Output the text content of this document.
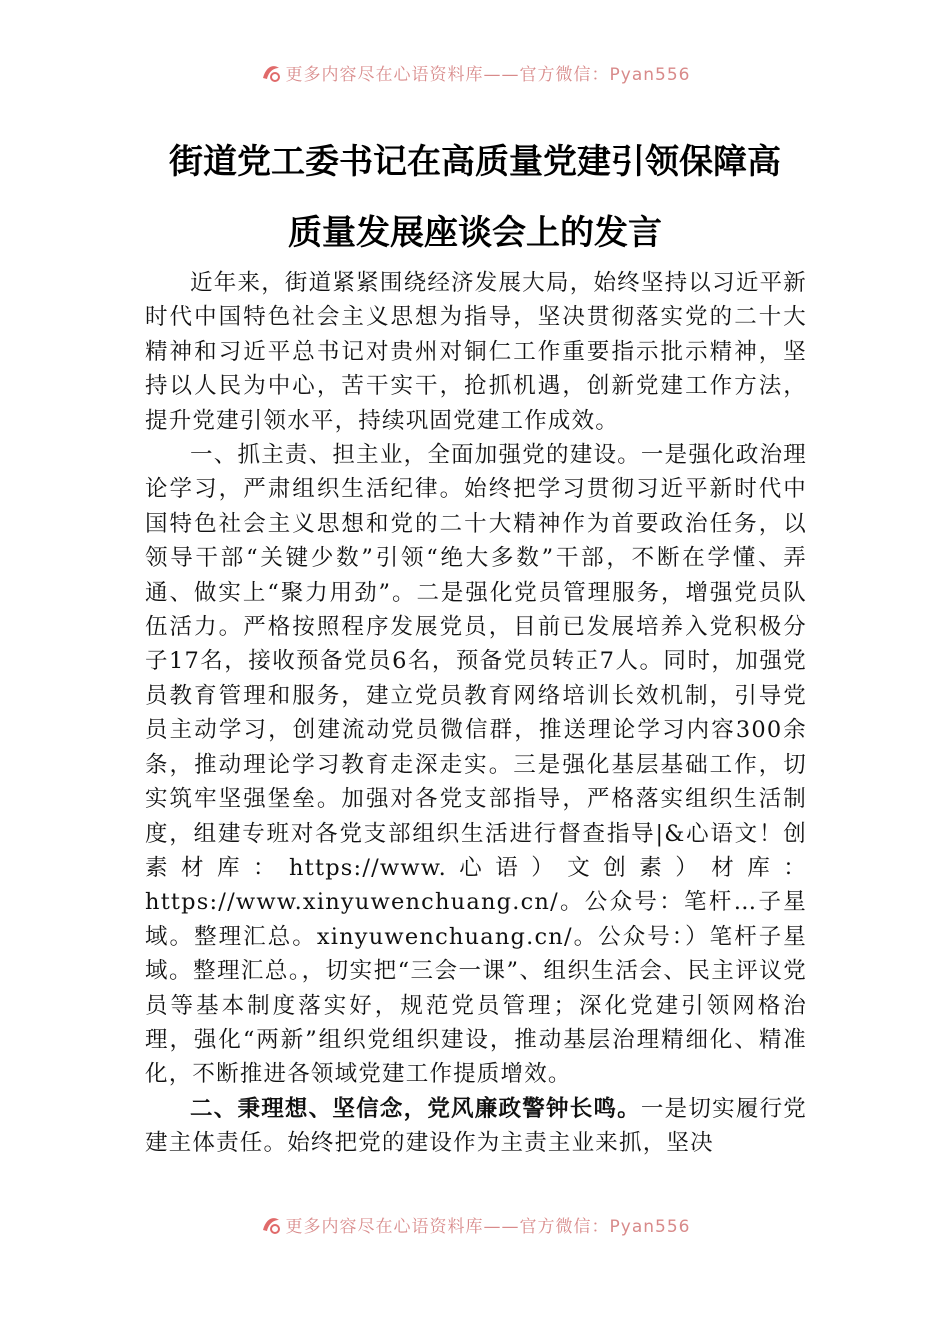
更多内容尽在心语资料库——官方微信：Pyan556
街道党工委书记在高质量党建引领保障高
质量发展座谈会上的发言

近年来，街道紧紧围绕经济发展大局，始终坚持以习近平新时代中国特色社会主义思想为指导，坚决贯彻落实党的二十大精神和习近平总书记对贵州对铜仁工作重要指示批示精神，坚持以人民为中心，苦干实干，抢抓机遇，创新党建工作方法，提升党建引领水平，持续巩固党建工作成效。

一、抓主责、担主业，全面加强党的建设。一是强化政治理论学习，严肃组织生活纪律。始终把学习贯彻习近平新时代中国特色社会主义思想和党的二十大精神作为首要政治任务，以领导干部“关键少数”引领“绝大多数”干部，不断在学懂、弄通、做实上“聚力用劲”。二是强化党员管理服务，增强党员队伍活力。严格按照程序发展党员，目前已发展培养入党积极分子17名，接收预备党员6名，预备党员转正7人。同时，加强党员教育管理和服务，建立党员教育网络培训长效机制，引导党员主动学习，创建流动党员微信群，推送理论学习内容300余条，推动理论学习教育走深走实。三是强化基层基础工作，切实筑牢坚强堡垒。加强对各党支部指导，严格落实组织生活制度，组建专班对各党支部组织生活进行督查指导|&心语文！创素材库：https://www.心语）文创素）材库：https://www.xinyuwenchuang.cn/。公众号：笔杆…子星域。整理汇总。xinyuwenchuang.cn/。公众号：）笔杆子星域。整理汇总。，切实把“三会一课”、组织生活会、民主评议党员等基本制度落实好，规范党员管理；深化党建引领网格治理，强化“两新”组织党组织建设，推动基层治理精细化、精准化，不断推进各领域党建工作提质增效。

二、秉理想、坚信念，党风廉政警钟长鸣。一是切实履行党建主体责任。始终把党的建设作为主责主业来抓，坚决

更多内容尽在心语资料库——官方微信：Pyan556
